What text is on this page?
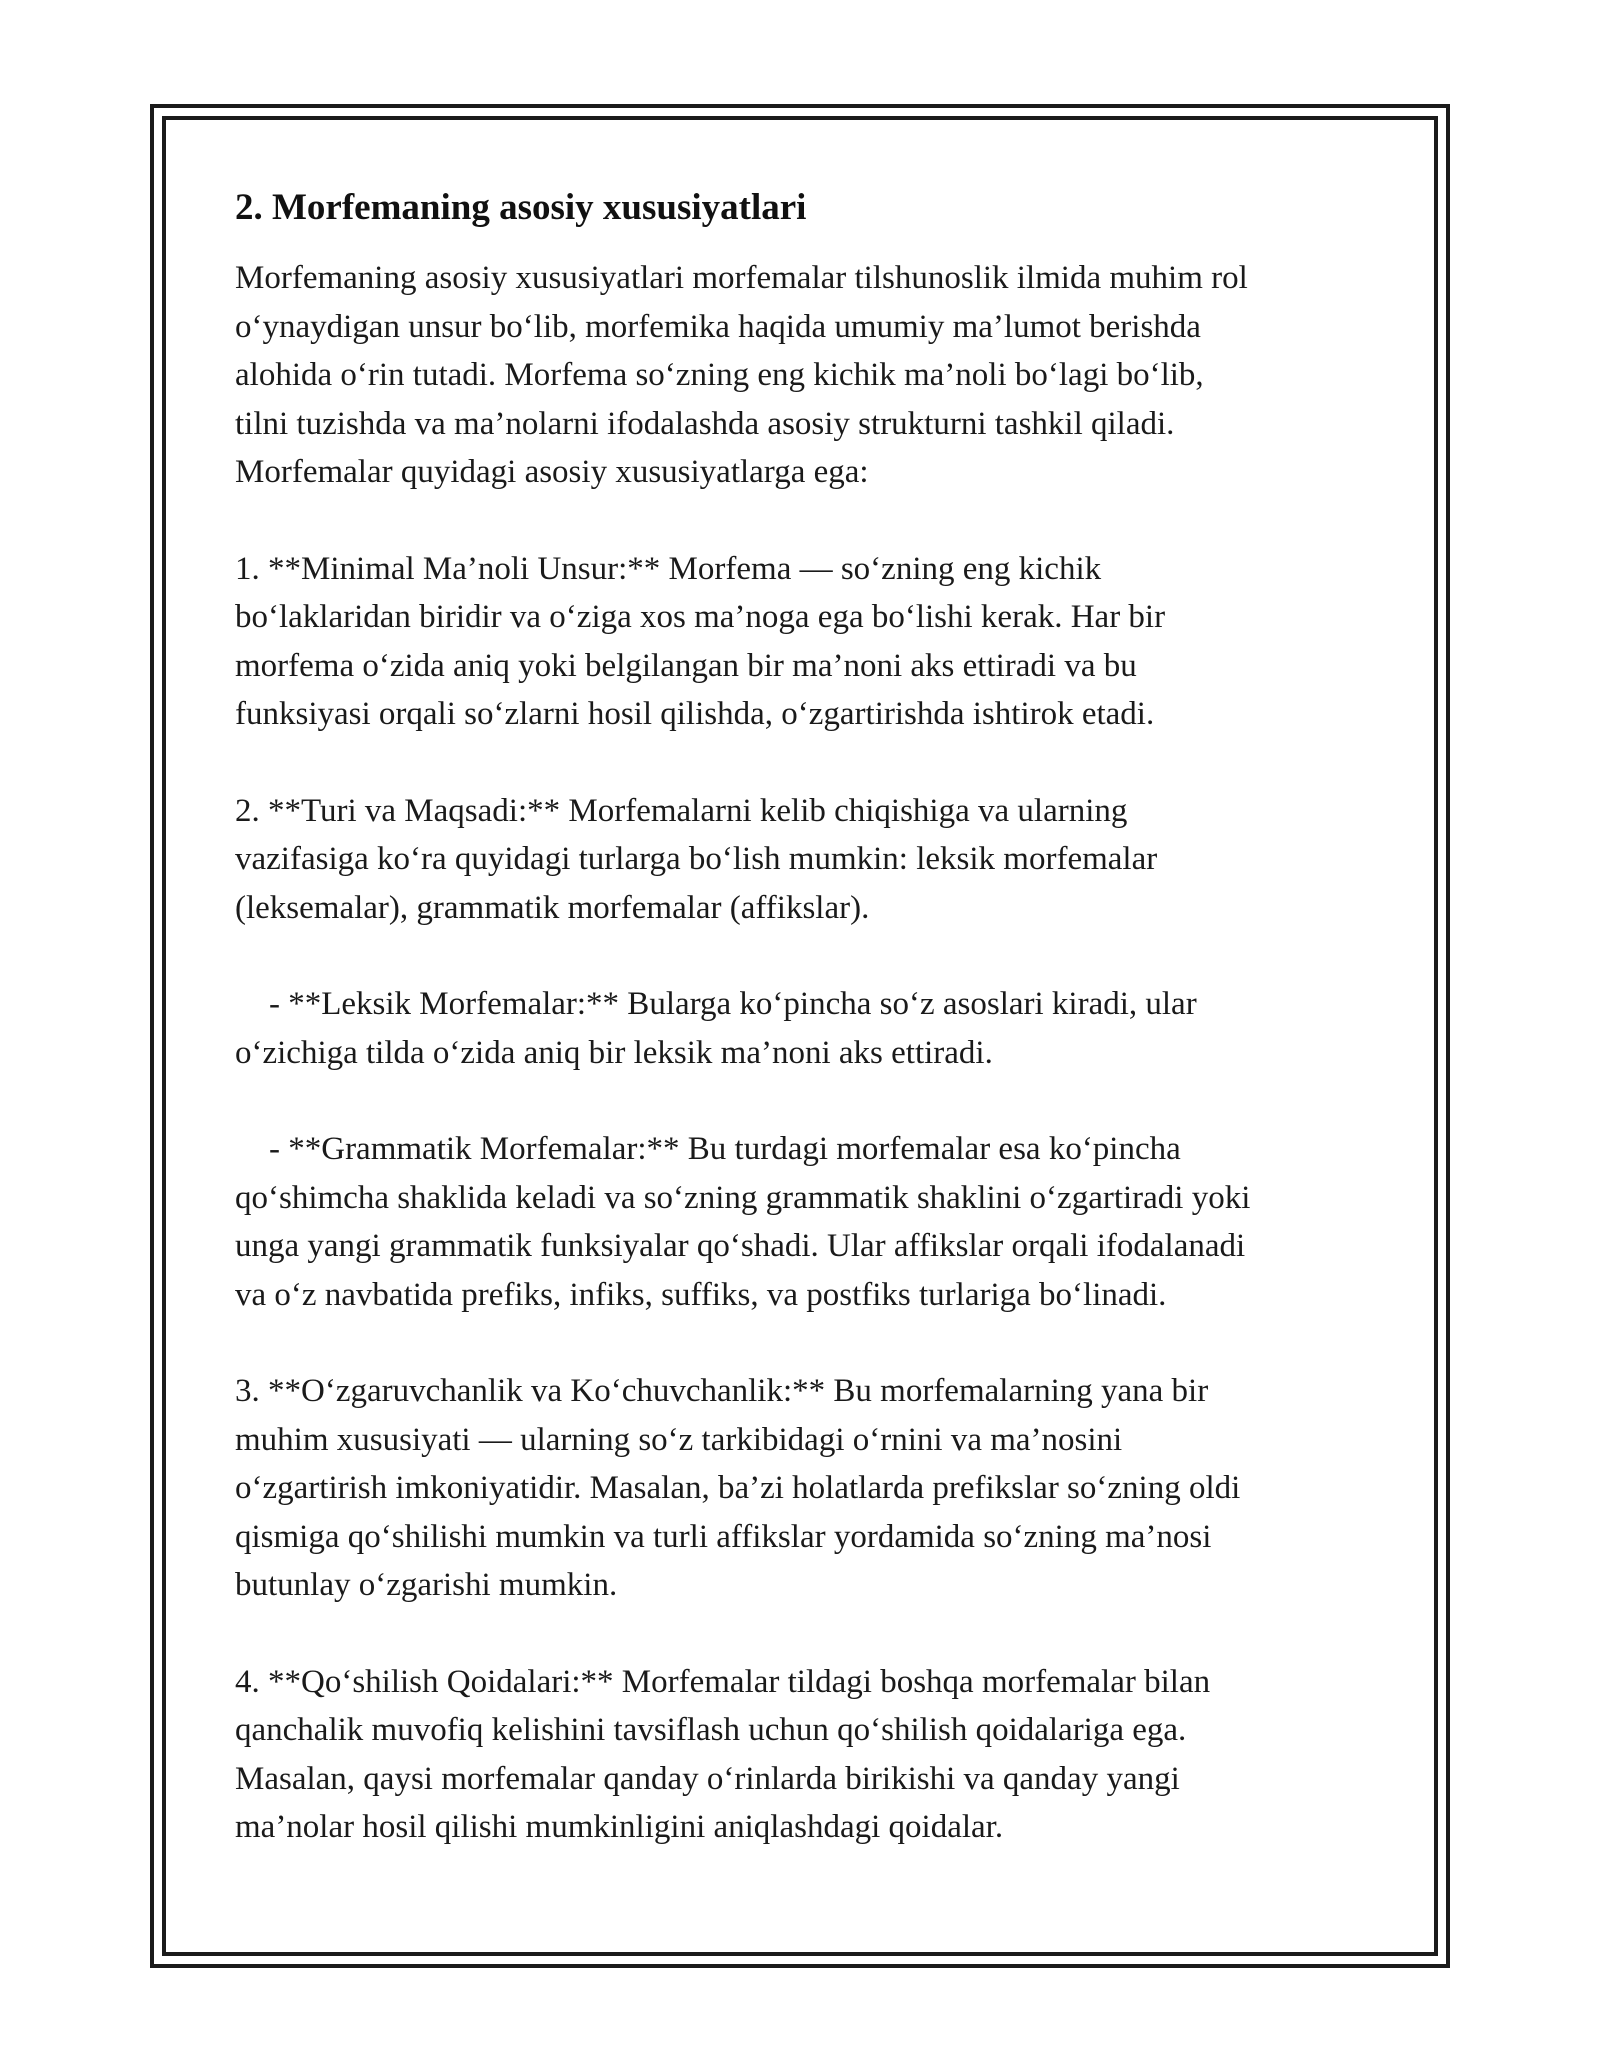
2. Morfemaning asosiy xususiyatlari

Morfemaning asosiy xususiyatlari morfemalar tilshunoslik ilmida muhim rol
o‘ynaydigan unsur bo‘lib, morfemika haqida umumiy ma’lumot berishda
alohida o‘rin tutadi. Morfema so‘zning eng kichik ma’noli bo‘lagi bo‘lib,
tilni tuzishda va ma’nolarni ifodalashda asosiy strukturni tashkil qiladi.
Morfemalar quyidagi asosiy xususiyatlarga ega:

1. **Minimal Ma’noli Unsur:** Morfema — so‘zning eng kichik
bo‘laklaridan biridir va o‘ziga xos ma’noga ega bo‘lishi kerak. Har bir
morfema o‘zida aniq yoki belgilangan bir ma’noni aks ettiradi va bu
funksiyasi orqali so‘zlarni hosil qilishda, o‘zgartirishda ishtirok etadi.

2. **Turi va Maqsadi:** Morfemalarni kelib chiqishiga va ularning
vazifasiga ko‘ra quyidagi turlarga bo‘lish mumkin: leksik morfemalar
(leksemalar), grammatik morfemalar (affikslar).

- **Leksik Morfemalar:** Bularga ko‘pincha so‘z asoslari kiradi, ular
o‘zichiga tilda o‘zida aniq bir leksik ma’noni aks ettiradi.

- **Grammatik Morfemalar:** Bu turdagi morfemalar esa ko‘pincha
qo‘shimcha shaklida keladi va so‘zning grammatik shaklini o‘zgartiradi yoki
unga yangi grammatik funksiyalar qo‘shadi. Ular affikslar orqali ifodalanadi
va o‘z navbatida prefiks, infiks, suffiks, va postfiks turlariga bo‘linadi.

3. **O‘zgaruvchanlik va Ko‘chuvchanlik:** Bu morfemalarning yana bir
muhim xususiyati — ularning so‘z tarkibidagi o‘rnini va ma’nosini
o‘zgartirish imkoniyatidir. Masalan, ba’zi holatlarda prefikslar so‘zning oldi
qismiga qo‘shilishi mumkin va turli affikslar yordamida so‘zning ma’nosi
butunlay o‘zgarishi mumkin.

4. **Qo‘shilish Qoidalari:** Morfemalar tildagi boshqa morfemalar bilan
qanchalik muvofiq kelishini tavsiflash uchun qo‘shilish qoidalariga ega.
Masalan, qaysi morfemalar qanday o‘rinlarda birikishi va qanday yangi
ma’nolar hosil qilishi mumkinligini aniqlashdagi qoidalar.
